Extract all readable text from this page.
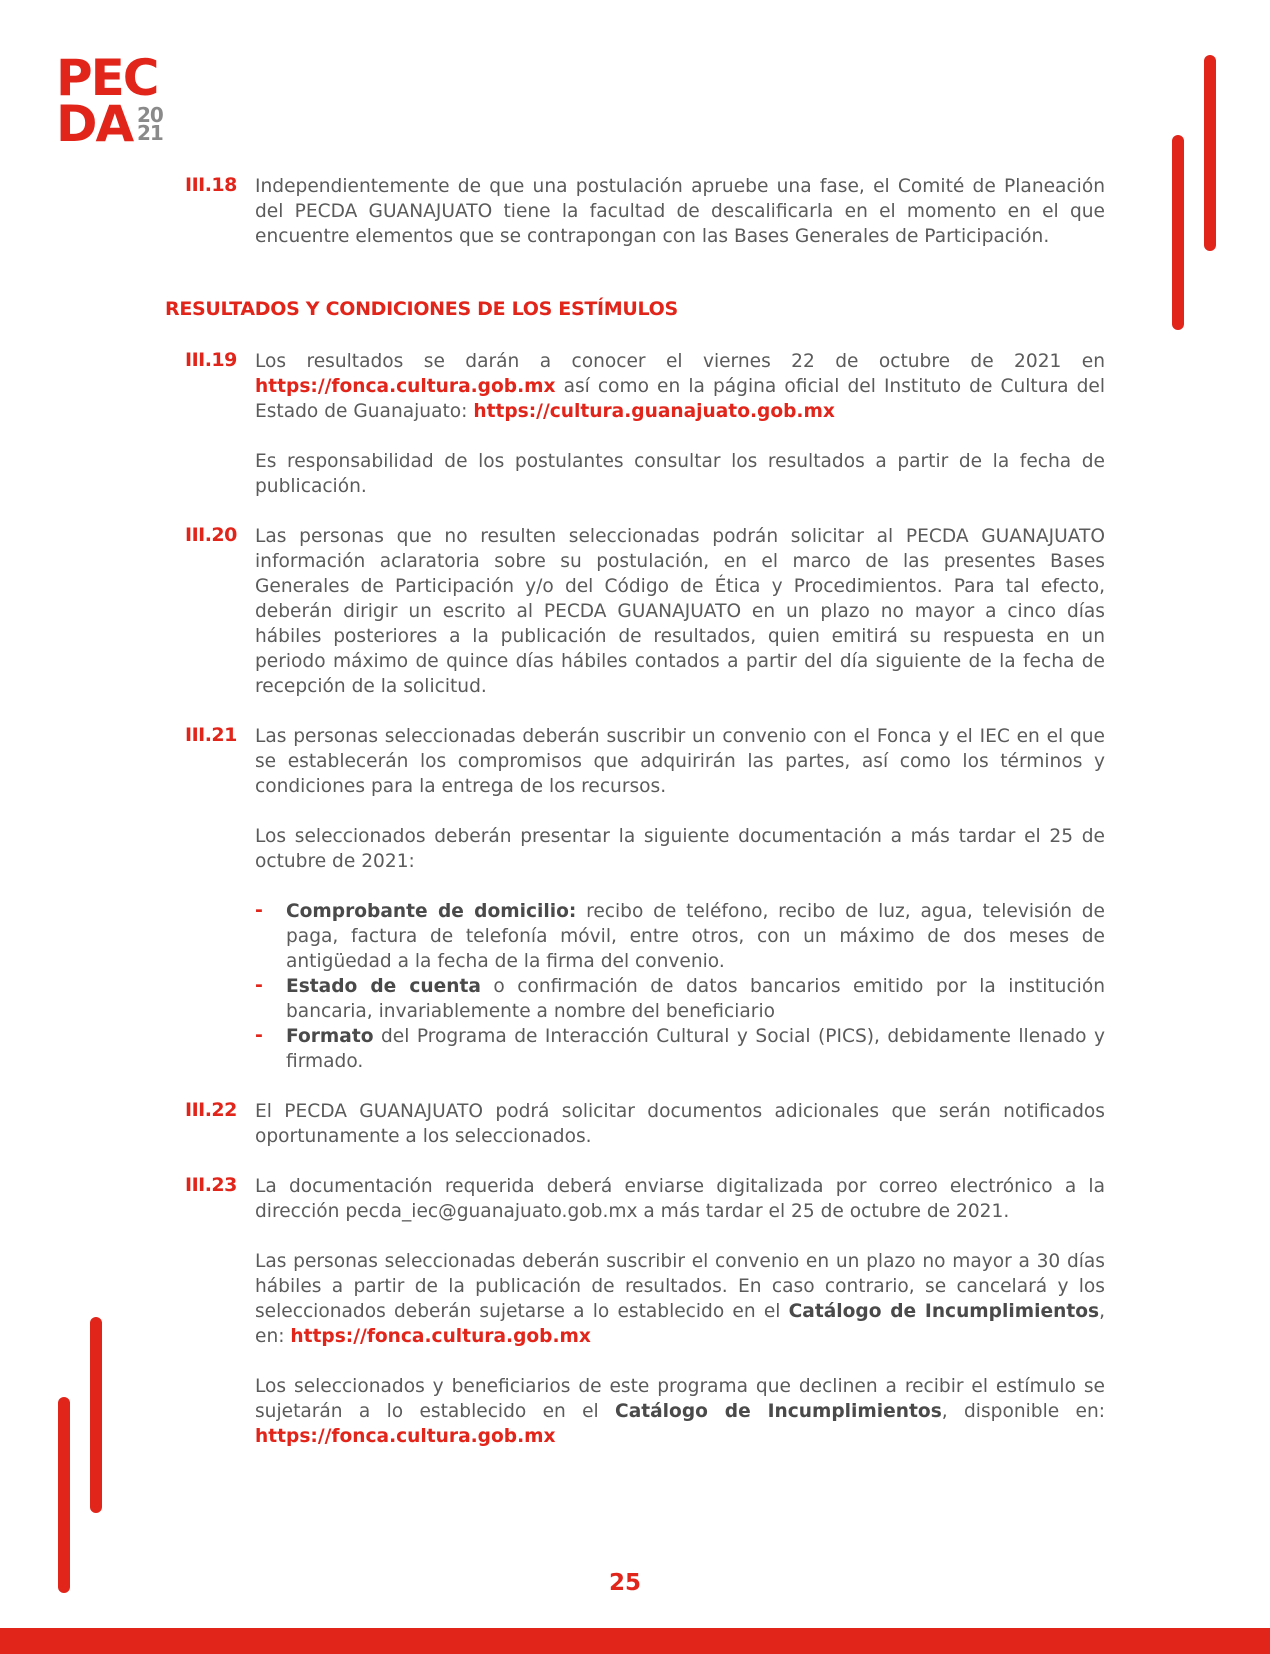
PEC
DA 20
21
III.18 Independientemente de que una postulación apruebe una fase, el Comité de Planeación del PECDA GUANAJUATO tiene la facultad de descalificarla en el momento en el que encuentre elementos que se contrapongan con las Bases Generales de Participación.
RESULTADOS Y CONDICIONES DE LOS ESTÍMULOS
III.19 Los resultados se darán a conocer el viernes 22 de octubre de 2021 en https://fonca.cultura.gob.mx así como en la página oficial del Instituto de Cultura del Estado de Guanajuato: https://cultura.guanajuato.gob.mx
Es responsabilidad de los postulantes consultar los resultados a partir de la fecha de publicación.
III.20 Las personas que no resulten seleccionadas podrán solicitar al PECDA GUANAJUATO información aclaratoria sobre su postulación, en el marco de las presentes Bases Generales de Participación y/o del Código de Ética y Procedimientos. Para tal efecto, deberán dirigir un escrito al PECDA GUANAJUATO en un plazo no mayor a cinco días hábiles posteriores a la publicación de resultados, quien emitirá su respuesta en un periodo máximo de quince días hábiles contados a partir del día siguiente de la fecha de recepción de la solicitud.
III.21 Las personas seleccionadas deberán suscribir un convenio con el Fonca y el IEC en el que se establecerán los compromisos que adquirirán las partes, así como los términos y condiciones para la entrega de los recursos.
Los seleccionados deberán presentar la siguiente documentación a más tardar el 25 de octubre de 2021:
- Comprobante de domicilio: recibo de teléfono, recibo de luz, agua, televisión de paga, factura de telefonía móvil, entre otros, con un máximo de dos meses de antigüedad a la fecha de la firma del convenio.
- Estado de cuenta o confirmación de datos bancarios emitido por la institución bancaria, invariablemente a nombre del beneficiario
- Formato del Programa de Interacción Cultural y Social (PICS), debidamente llenado y firmado.
III.22 El PECDA GUANAJUATO podrá solicitar documentos adicionales que serán notificados oportunamente a los seleccionados.
III.23 La documentación requerida deberá enviarse digitalizada por correo electrónico a la dirección pecda_iec@guanajuato.gob.mx a más tardar el 25 de octubre de 2021.
Las personas seleccionadas deberán suscribir el convenio en un plazo no mayor a 30 días hábiles a partir de la publicación de resultados. En caso contrario, se cancelará y los seleccionados deberán sujetarse a lo establecido en el Catálogo de Incumplimientos, en: https://fonca.cultura.gob.mx
Los seleccionados y beneficiarios de este programa que declinen a recibir el estímulo se sujetarán a lo establecido en el Catálogo de Incumplimientos, disponible en: https://fonca.cultura.gob.mx
25
